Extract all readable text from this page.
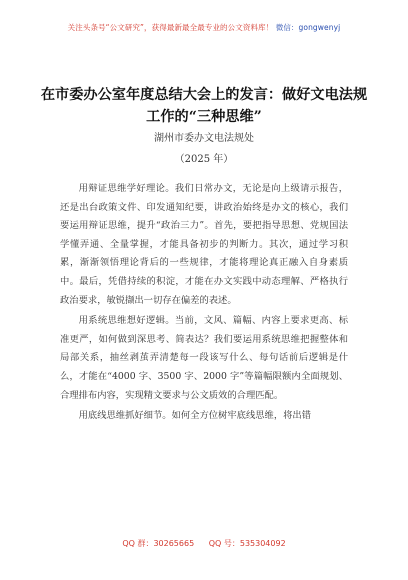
关注头条号“公文研究”，获得最新最全最专业的公文资料库！ 微信：gongwenyj
在市委办公室年度总结大会上的发言：做好文电法规工作的“三种思维”
湖州市委办文电法规处
（2025 年）

用辩证思维学好理论。我们日常办文，无论是向上级请示报告，还是出台政策文件、印发通知纪要，讲政治始终是办文的核心，我们要运用辩证思维，提升“政治三力”。首先，要把指导思想、党规国法学懂弄通、全量掌握，才能具备初步的判断力。其次，通过学习积累，渐渐领悟理论背后的一些规律，才能将理论真正融入自身素质中。最后，凭借持续的积淀，才能在办文实践中动态理解、严格执行政治要求，敏锐撷出一切存在偏差的表述。

用系统思维想好逻辑。当前，文风、篇幅、内容上要求更高、标准更严，如何做到深思考、简表达？我们要运用系统思维把握整体和局部关系，抽丝剥茧弄清楚每一段该写什么、每句话前后逻辑是什么，才能在“4000 字、3500 字、2000 字”等篇幅限额内全面规划、合理排布内容，实现精文要求与公文质效的合理匹配。

用底线思维抓好细节。如何全方位树牢底线思维，将出错

QQ 群：30265665 QQ 号：535304092
